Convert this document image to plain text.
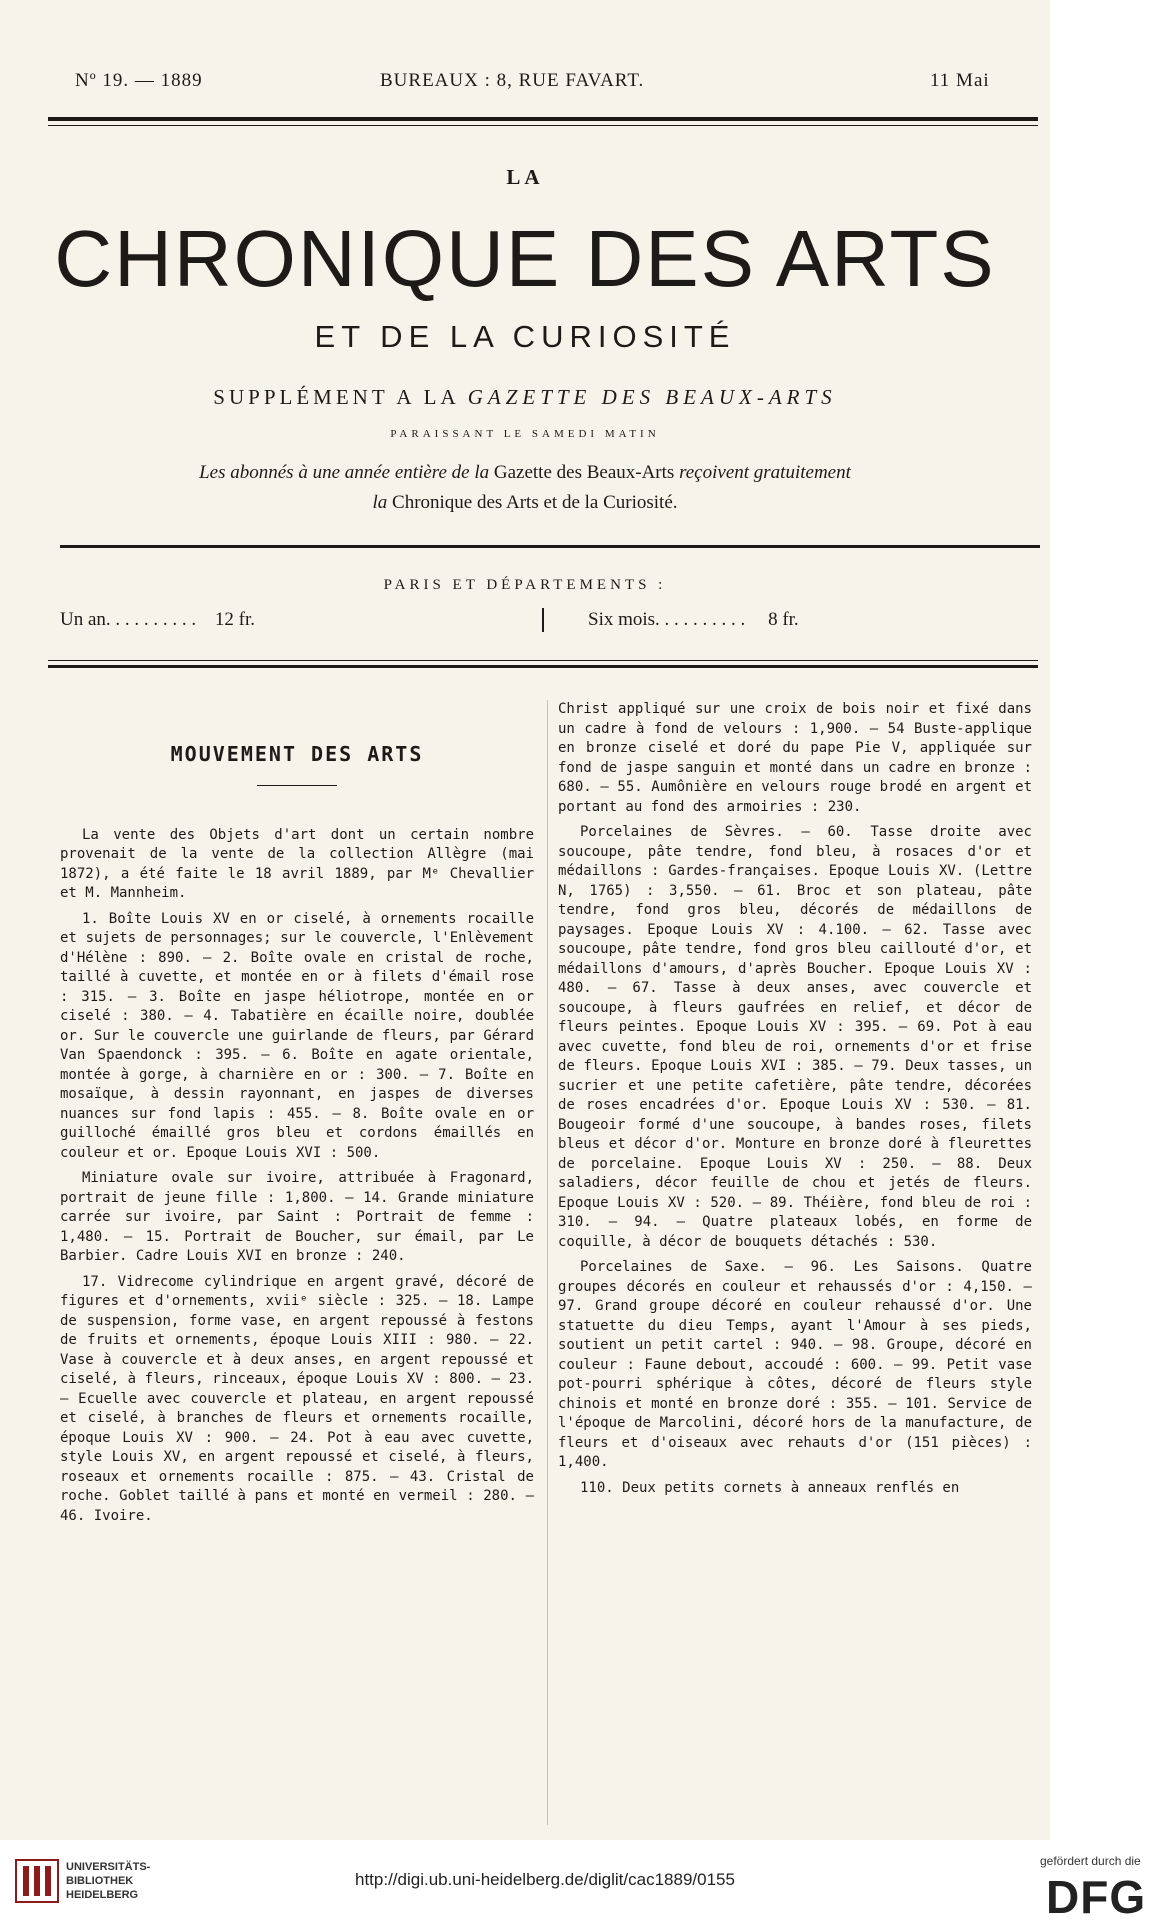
Nº 19. — 1889	BUREAUX : 8, RUE FAVART.	11 Mai
LA
CHRONIQUE DES ARTS
ET DE LA CURIOSITÉ
SUPPLÉMENT A LA GAZETTE DES BEAUX-ARTS
PARAISSANT LE SAMEDI MATIN
Les abonnés à une année entière de la Gazette des Beaux-Arts reçoivent gratuitement
la Chronique des Arts et de la Curiosité.
PARIS ET DÉPARTEMENTS :
Un an. . . . . . . . . . 12 fr.	Six mois. . . . . . . . . . 8 fr.
MOUVEMENT DES ARTS

La vente des Objets d'art dont un certain nombre provenait de la vente de la collection Allègre (mai 1872), a été faite le 18 avril 1889, par Mᵉ Chevallier et M. Mannheim.

1. Boîte Louis XV en or ciselé, à ornements rocaille et sujets de personnages; sur le couvercle, l'Enlèvement d'Hélène : 890. — 2. Boîte ovale en cristal de roche, taillé à cuvette, et montée en or à filets d'émail rose : 315. — 3. Boîte en jaspe héliotrope, montée en or ciselé : 380. — 4. Tabatière en écaille noire, doublée or. Sur le couvercle une guirlande de fleurs, par Gérard Van Spaendonck : 395. — 6. Boîte en agate orientale, montée à gorge, à charnière en or : 300. — 7. Boîte en mosaïque, à dessin rayonnant, en jaspes de diverses nuances sur fond lapis : 455. — 8. Boîte ovale en or guilloché émaillé gros bleu et cordons émaillés en couleur et or. Epoque Louis XVI : 500.

Miniature ovale sur ivoire, attribuée à Fragonard, portrait de jeune fille : 1,800. — 14. Grande miniature carrée sur ivoire, par Saint : Portrait de femme : 1,480. — 15. Portrait de Boucher, sur émail, par Le Barbier. Cadre Louis XVI en bronze : 240.

17. Vidrecome cylindrique en argent gravé, décoré de figures et d'ornements, xviiᵉ siècle : 325. — 18. Lampe de suspension, forme vase, en argent repoussé à festons de fruits et ornements, époque Louis XIII : 980. — 22. Vase à couvercle et à deux anses, en argent repoussé et ciselé, à fleurs, rinceaux, époque Louis XV : 800. — 23. — Ecuelle avec couvercle et plateau, en argent repoussé et ciselé, à branches de fleurs et ornements rocaille, époque Louis XV : 900. — 24. Pot à eau avec cuvette, style Louis XV, en argent repoussé et ciselé, à fleurs, roseaux et ornements rocaille : 875. — 43. Cristal de roche. Goblet taillé à pans et monté en vermeil : 280. — 46. Ivoire.

Christ appliqué sur une croix de bois noir et fixé dans un cadre à fond de velours : 1,900. — 54 Buste-applique en bronze ciselé et doré du pape Pie V, appliquée sur fond de jaspe sanguin et monté dans un cadre en bronze : 680. — 55. Aumônière en velours rouge brodé en argent et portant au fond des armoiries : 230.

Porcelaines de Sèvres. — 60. Tasse droite avec soucoupe, pâte tendre, fond bleu, à rosaces d'or et médaillons : Gardes-françaises. Epoque Louis XV. (Lettre N, 1765) : 3,550. — 61. Broc et son plateau, pâte tendre, fond gros bleu, décorés de médaillons de paysages. Epoque Louis XV : 4.100. — 62. Tasse avec soucoupe, pâte tendre, fond gros bleu caillouté d'or, et médaillons d'amours, d'après Boucher. Epoque Louis XV : 480. — 67. Tasse à deux anses, avec couvercle et soucoupe, à fleurs gaufrées en relief, et décor de fleurs peintes. Epoque Louis XV : 395. — 69. Pot à eau avec cuvette, fond bleu de roi, ornements d'or et frise de fleurs. Epoque Louis XVI : 385. — 79. Deux tasses, un sucrier et une petite cafetière, pâte tendre, décorées de roses encadrées d'or. Epoque Louis XV : 530. — 81. Bougeoir formé d'une soucoupe, à bandes roses, filets bleus et décor d'or. Monture en bronze doré à fleurettes de porcelaine. Epoque Louis XV : 250. — 88. Deux saladiers, décor feuille de chou et jetés de fleurs. Epoque Louis XV : 520. — 89. Théière, fond bleu de roi : 310. — 94. — Quatre plateaux lobés, en forme de coquille, à décor de bouquets détachés : 530.

Porcelaines de Saxe. — 96. Les Saisons. Quatre groupes décorés en couleur et rehaussés d'or : 4,150. — 97. Grand groupe décoré en couleur rehaussé d'or. Une statuette du dieu Temps, ayant l'Amour à ses pieds, soutient un petit cartel : 940. — 98. Groupe, décoré en couleur : Faune debout, accoudé : 600. — 99. Petit vase pot-pourri sphérique à côtes, décoré de fleurs style chinois et monté en bronze doré : 355. — 101. Service de l'époque de Marcolini, décoré hors de la manufacture, de fleurs et d'oiseaux avec rehauts d'or (151 pièces) : 1,400.

110. Deux petits cornets à anneaux renflés en

UNIVERSITÄTS-
BIBLIOTHEK
HEIDELBERG
http://digi.ub.uni-heidelberg.de/diglit/cac1889/0155
gefördert durch die
DFG
